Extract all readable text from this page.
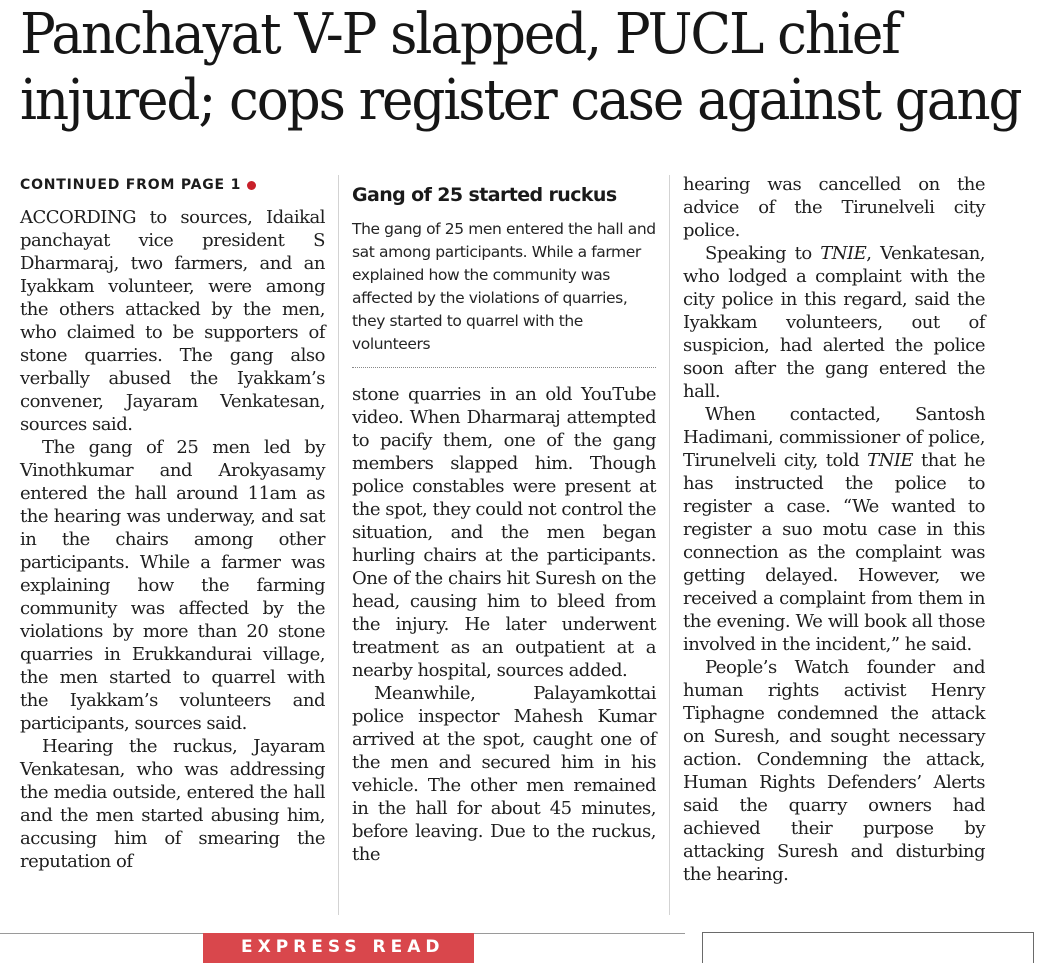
Panchayat V-P slapped, PUCL chief
injured; cops register case against gang
CONTINUED FROM PAGE 1

ACCORDING to sources, Idaikal panchayat vice president S Dharmaraj, two farmers, and an Iyakkam volunteer, were among the others attacked by the men, who claimed to be supporters of stone quarries. The gang also verbally abused the Iyakkam’s convener, Jayaram Venkatesan, sources said.

The gang of 25 men led by Vinothkumar and Arokyasamy entered the hall around 11am as the hearing was underway, and sat in the chairs among other participants. While a farmer was explaining how the farming community was affected by the violations by more than 20 stone quarries in Erukkandurai village, the men started to quarrel with the Iyakkam’s volunteers and participants, sources said.

Hearing the ruckus, Jayaram Venkatesan, who was addressing the media outside, entered the hall and the men started abusing him, accusing him of smearing the reputation of

Gang of 25 started ruckus

The gang of 25 men entered the hall and sat among participants. While a farmer explained how the community was affected by the violations of quarries, they started to quarrel with the volunteers

stone quarries in an old YouTube video. When Dharmaraj attempted to pacify them, one of the gang members slapped him. Though police constables were present at the spot, they could not control the situation, and the men began hurling chairs at the participants. One of the chairs hit Suresh on the head, causing him to bleed from the injury. He later underwent treatment as an outpatient at a nearby hospital, sources added.

Meanwhile, Palayamkottai police inspector Mahesh Kumar arrived at the spot, caught one of the men and secured him in his vehicle. The other men remained in the hall for about 45 minutes, before leaving. Due to the ruckus, the

hearing was cancelled on the advice of the Tirunelveli city police.

Speaking to TNIE, Venkatesan, who lodged a complaint with the city police in this regard, said the Iyakkam volunteers, out of suspicion, had alerted the police soon after the gang entered the hall.

When contacted, Santosh Hadimani, commissioner of police, Tirunelveli city, told TNIE that he has instructed the police to register a case. “We wanted to register a suo motu case in this connection as the complaint was getting delayed. However, we received a complaint from them in the evening. We will book all those involved in the incident,” he said.

People’s Watch founder and human rights activist Henry Tiphagne condemned the attack on Suresh, and sought necessary action. Condemning the attack, Human Rights Defenders’ Alerts said the quarry owners had achieved their purpose by attacking Suresh and disturbing the hearing.

EXPRESS READ
